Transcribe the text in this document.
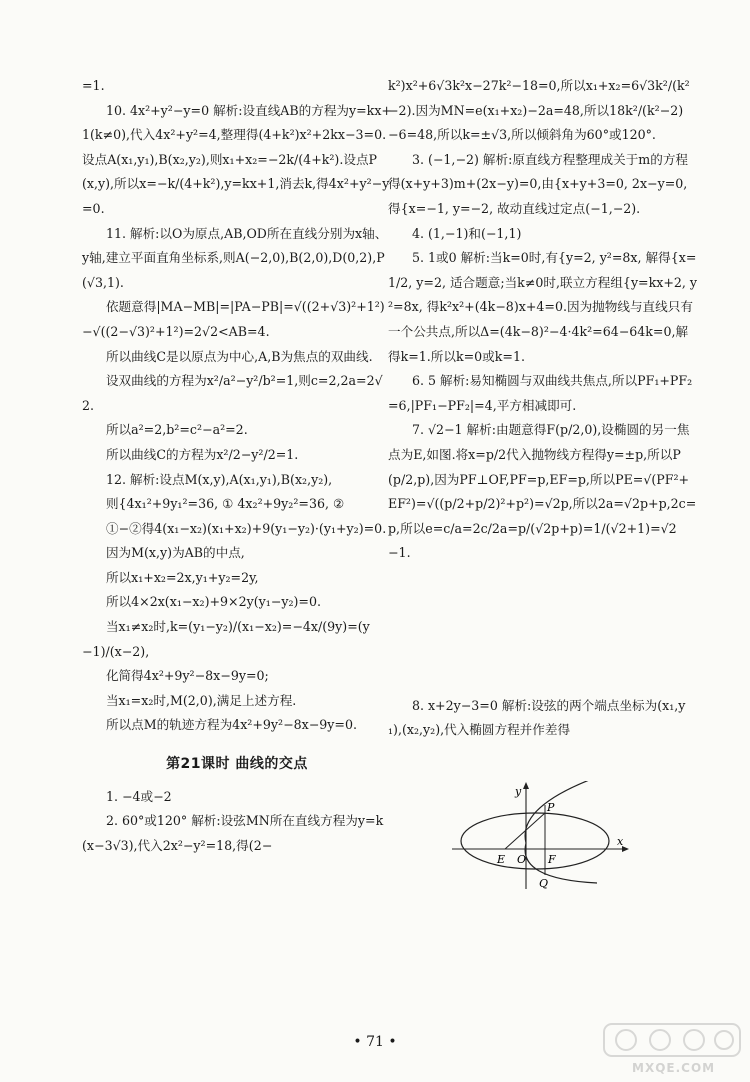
=1.

10. 4x²+y²−y=0 解析:设直线AB的方程为y=kx+1(k≠0),代入4x²+y²=4,整理得(4+k²)x²+2kx−3=0.设点A(x₁,y₁),B(x₂,y₂),则x₁+x₂=−2k/(4+k²).设点P(x,y),所以x=−k/(4+k²),y=kx+1,消去k,得4x²+y²−y=0.

11. 解析:以O为原点,AB,OD所在直线分别为x轴、y轴,建立平面直角坐标系,则A(−2,0),B(2,0),D(0,2),P(√3,1).

依题意得|MA−MB|=|PA−PB|=√((2+√3)²+1²)−√((2−√3)²+1²)=2√2<AB=4.

所以曲线C是以原点为中心,A,B为焦点的双曲线.

设双曲线的方程为x²/a²−y²/b²=1,则c=2,2a=2√2.

所以a²=2,b²=c²−a²=2.

所以曲线C的方程为x²/2−y²/2=1.

12. 解析:设点M(x,y),A(x₁,y₁),B(x₂,y₂),

则{4x₁²+9y₁²=36, ① 4x₂²+9y₂²=36, ②

①−②得4(x₁−x₂)(x₁+x₂)+9(y₁−y₂)·(y₁+y₂)=0.

因为M(x,y)为AB的中点,

所以x₁+x₂=2x,y₁+y₂=2y,

所以4×2x(x₁−x₂)+9×2y(y₁−y₂)=0.

当x₁≠x₂时,k=(y₁−y₂)/(x₁−x₂)=−4x/(9y)=(y−1)/(x−2),

化简得4x²+9y²−8x−9y=0;

当x₁=x₂时,M(2,0),满足上述方程.

所以点M的轨迹方程为4x²+9y²−8x−9y=0.

第21课时 曲线的交点

1. −4或−2

2. 60°或120° 解析:设弦MN所在直线方程为y=k(x−3√3),代入2x²−y²=18,得(2−

k²)x²+6√3k²x−27k²−18=0,所以x₁+x₂=6√3k²/(k²−2).因为MN=e(x₁+x₂)−2a=48,所以18k²/(k²−2)−6=48,所以k=±√3,所以倾斜角为60°或120°.

3. (−1,−2) 解析:原直线方程整理成关于m的方程得(x+y+3)m+(2x−y)=0,由{x+y+3=0, 2x−y=0, 得{x=−1, y=−2, 故动直线过定点(−1,−2).

4. (1,−1)和(−1,1)

5. 1或0 解析:当k=0时,有{y=2, y²=8x, 解得{x=1/2, y=2, 适合题意;当k≠0时,联立方程组{y=kx+2, y²=8x, 得k²x²+(4k−8)x+4=0.因为抛物线与直线只有一个公共点,所以Δ=(4k−8)²−4·4k²=64−64k=0,解得k=1.所以k=0或k=1.

6. 5 解析:易知椭圆与双曲线共焦点,所以PF₁+PF₂=6,|PF₁−PF₂|=4,平方相减即可.

7. √2−1 解析:由题意得F(p/2,0),设椭圆的另一焦点为E,如图.将x=p/2代入抛物线方程得y=±p,所以P(p/2,p),因为PF⊥OF,PF=p,EF=p,所以PE=√(PF²+EF²)=√((p/2+p/2)²+p²)=√2p,所以2a=√2p+p,2c=p,所以e=c/a=2c/2a=p/(√2p+p)=1/(√2+1)=√2−1.

8. x+2y−3=0 解析:设弦的两个端点坐标为(x₁,y₁),(x₂,y₂),代入椭圆方程并作差得

y
x
P
E O F
Q
• 71 •
MXQE.COM
